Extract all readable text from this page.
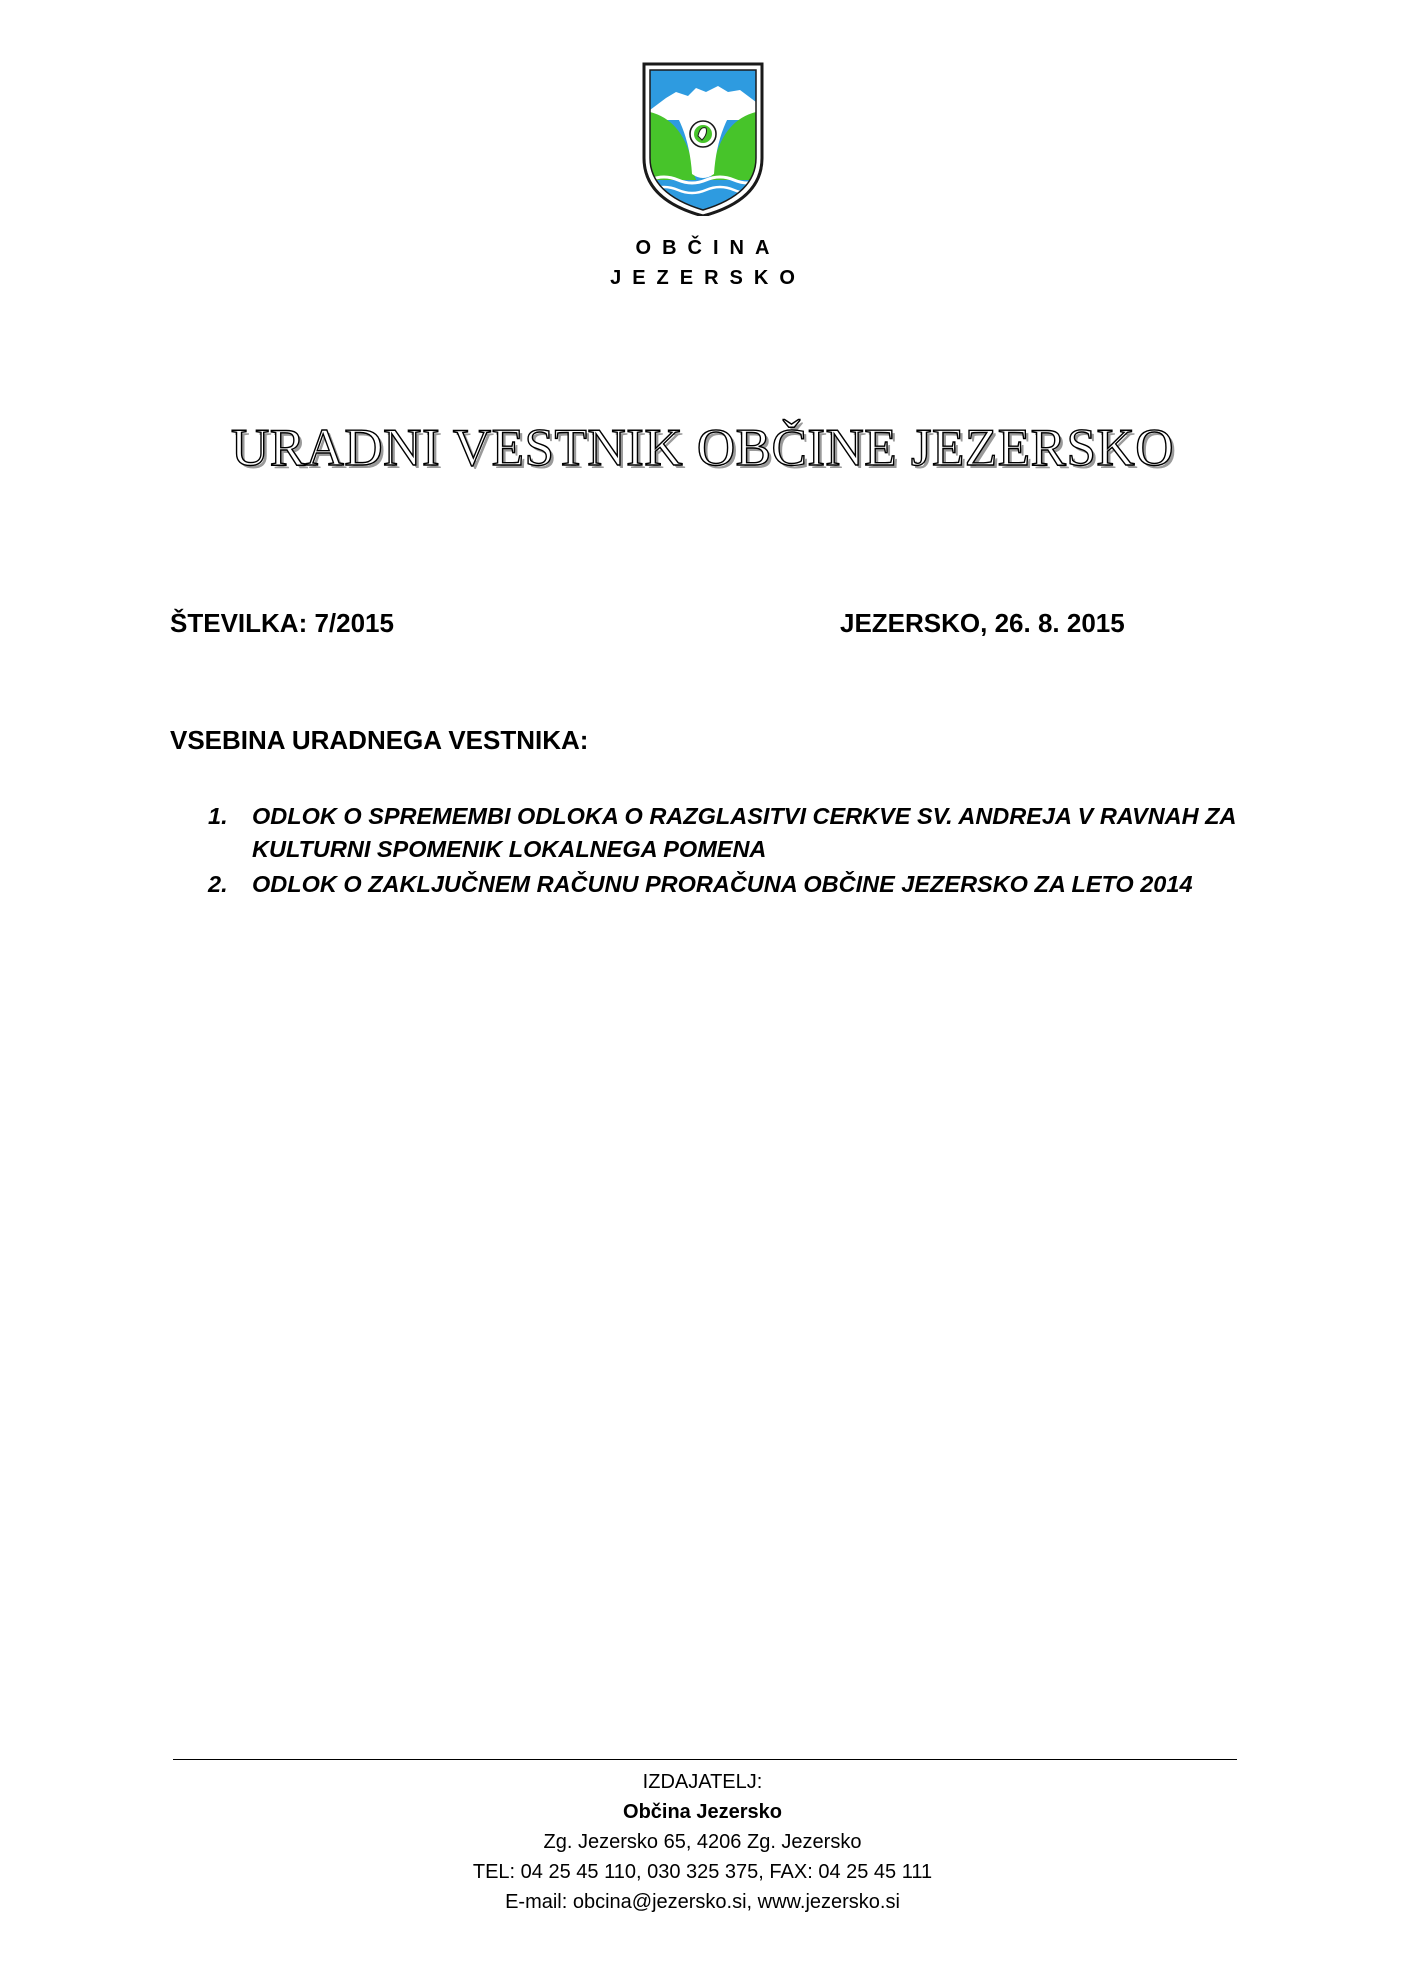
OBČINA
JEZERSKO
URADNI VESTNIK OBČINE JEZERSKO
ŠTEVILKA: 7/2015	JEZERSKO, 26. 8. 2015
VSEBINA URADNEGA VESTNIKA:
1. ODLOK O SPREMEMBI ODLOKA O RAZGLASITVI CERKVE SV. ANDREJA V RAVNAH ZA KULTURNI SPOMENIK LOKALNEGA POMENA
2. ODLOK O ZAKLJUČNEM RAČUNU PRORAČUNA OBČINE JEZERSKO ZA LETO 2014
IZDAJATELJ:
Občina Jezersko
Zg. Jezersko 65, 4206 Zg. Jezersko
TEL: 04 25 45 110, 030 325 375, FAX: 04 25 45 111
E-mail: obcina@jezersko.si, www.jezersko.si
